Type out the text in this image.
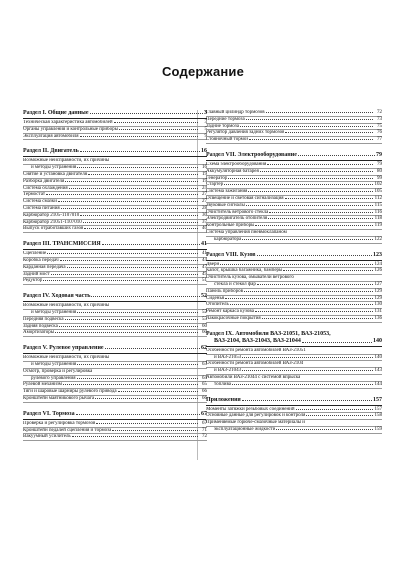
Содержание
Раздел I. Общие данные	3
Техническая характеристика автомобилей	3
Органы управления и контрольные приборы	5
Эксплуатация автомобиля	9
Раздел II. Двигатель	16
Возможные неисправности, их причины
и методы устранения	16
Снятие и установка двигателя	19
Разборка двигателя	19
Система охлаждения	24
Термостат	27
Система смазки	27
Система питания	28
Карбюратор 2105-1107010	30
Карбюратор 21051-1107010	37
Выпуск отработавших газов	40
Раздел III. ТРАНСМИССИЯ	41
Сцепление	41
Коробка передач	44
Карданная передача	47
Задний мост	49
Редуктор	51
Раздел IV. Ходовая часть	52
Возможные неисправности, их причины
и методы устранения	52
Передняя подвеска	53
Задняя подвеска	60
Амортизаторы	60
Раздел V. Рулевое управление	62
Возможные неисправности, их причины
и методы устранения	63
Осмотр, проверка и регулировка
рулевого управления	64
Рулевой механизм	65
Тяги и шаровые шарниры рулевого привода	66
Кронштейн маятникового рычага	66
Раздел VI. Тормоза	67
Проверка и регулировка тормозов	67
Кронштейн педалей сцепления и тормоза	71
Вакуумный усилитель	72
Главный цилиндр тормозов	72
Передние тормоза	73
Задние тормоза	75
Регулятор давления задних тормозов	76
Стояночный тормоз	77
Раздел VII. Электрооборудование	79
Схема электрооборудования	79
Аккумуляторная батарея	80
Генератор	99
Стартер	102
Система зажигания	105
Освещение и световая сигнализация	112
Звуковые сигналы	115
Очиститель ветрового стекла	116
Электродвигатель отопителя	118
Контрольные приборы	119
Система управления пневмоклапаном
карбюратора	122
Раздел VIII. Кузов	123
Двери	124
Капот, крышка багажника, бамперы	126
Очиститель кузова, омыватели ветрового
стекла и стекол фар	127
Панель приборов	129
Сиденья	129
Отопитель	130
Ремонт каркаса кузова	131
Лакокрасочные покрытия	136
Раздел IX. Автомобили ВАЗ-21051, ВАЗ-21053,
ВАЗ-2104, ВАЗ-21043, ВАЗ-21044	140
Особенности ремонта автомобилей ВАЗ-21051
и ВАЗ-21053	140
Особенности ремонта автомобилей ВАЗ-2104
и ВАЗ-21043	143
Автомобили ВАЗ-21044 с системой впрыска
топлива	144
Приложения	157
Моменты затяжки резьбовых соединений	157
Основные данные для регулировок и контроля	158
Применяемые горюче-смазочные материалы и
эксплуатационные жидкости	159
